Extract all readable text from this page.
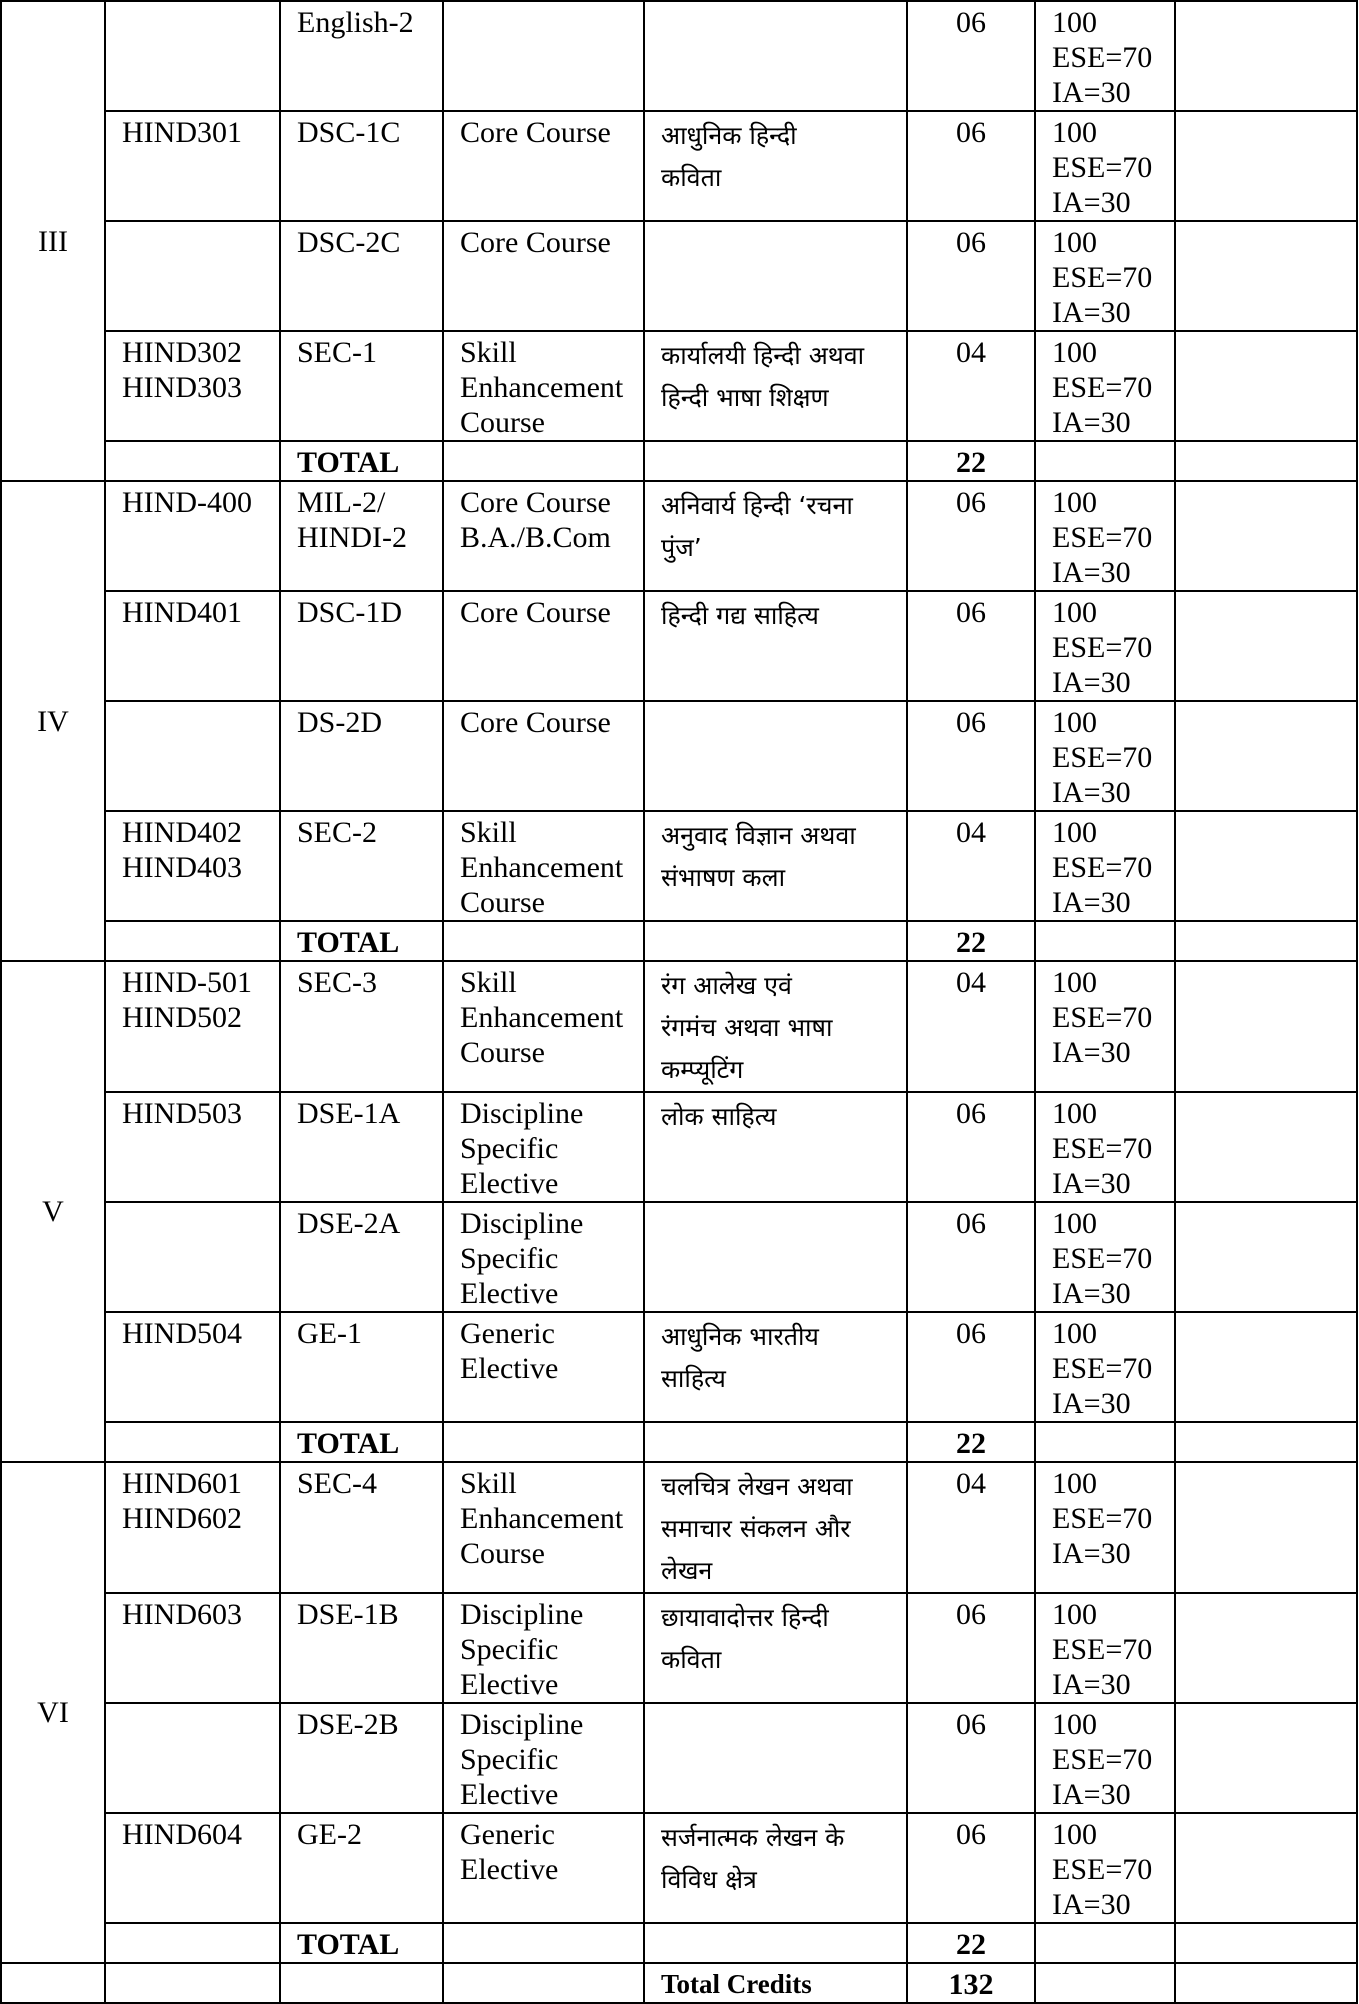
III		English-2			06	100
ESE=70
IA=30	

	HIND301	DSC-1C	Core Course	आधुनिक हिन्दी
कविता	06	100
ESE=70
IA=30	

		DSC-2C	Core Course		06	100
ESE=70
IA=30	

	HIND302
HIND303	SEC-1	Skill
Enhancement
Course	कार्यालयी हिन्दी अथवा
हिन्दी भाषा शिक्षण	04	100
ESE=70
IA=30	

		TOTAL			22		

IV	HIND-400	MIL-2/
HINDI-2	Core Course
B.A./B.Com	अनिवार्य हिन्दी ‘रचना
पुंज’	06	100
ESE=70
IA=30	

	HIND401	DSC-1D	Core Course	हिन्दी गद्य साहित्य	06	100
ESE=70
IA=30	

		DS-2D	Core Course		06	100
ESE=70
IA=30	

	HIND402
HIND403	SEC-2	Skill
Enhancement
Course	अनुवाद विज्ञान अथवा
संभाषण कला	04	100
ESE=70
IA=30	

		TOTAL			22		

V	HIND-501
HIND502	SEC-3	Skill
Enhancement
Course	रंग आलेख एवं
रंगमंच अथवा भाषा
कम्प्यूटिंग	04	100
ESE=70
IA=30	

	HIND503	DSE-1A	Discipline
Specific
Elective	लोक साहित्य	06	100
ESE=70
IA=30	

		DSE-2A	Discipline
Specific
Elective		06	100
ESE=70
IA=30	

	HIND504	GE-1	Generic
Elective	आधुनिक भारतीय
साहित्य	06	100
ESE=70
IA=30	

		TOTAL			22		

VI	HIND601
HIND602	SEC-4	Skill
Enhancement
Course	चलचित्र लेखन अथवा
समाचार संकलन और
लेखन	04	100
ESE=70
IA=30	

	HIND603	DSE-1B	Discipline
Specific
Elective	छायावादोत्तर हिन्दी
कविता	06	100
ESE=70
IA=30	

		DSE-2B	Discipline
Specific
Elective		06	100
ESE=70
IA=30	

	HIND604	GE-2	Generic
Elective	सर्जनात्मक लेखन के
विविध क्षेत्र	06	100
ESE=70
IA=30	

		TOTAL			22		

				Total Credits	132		
